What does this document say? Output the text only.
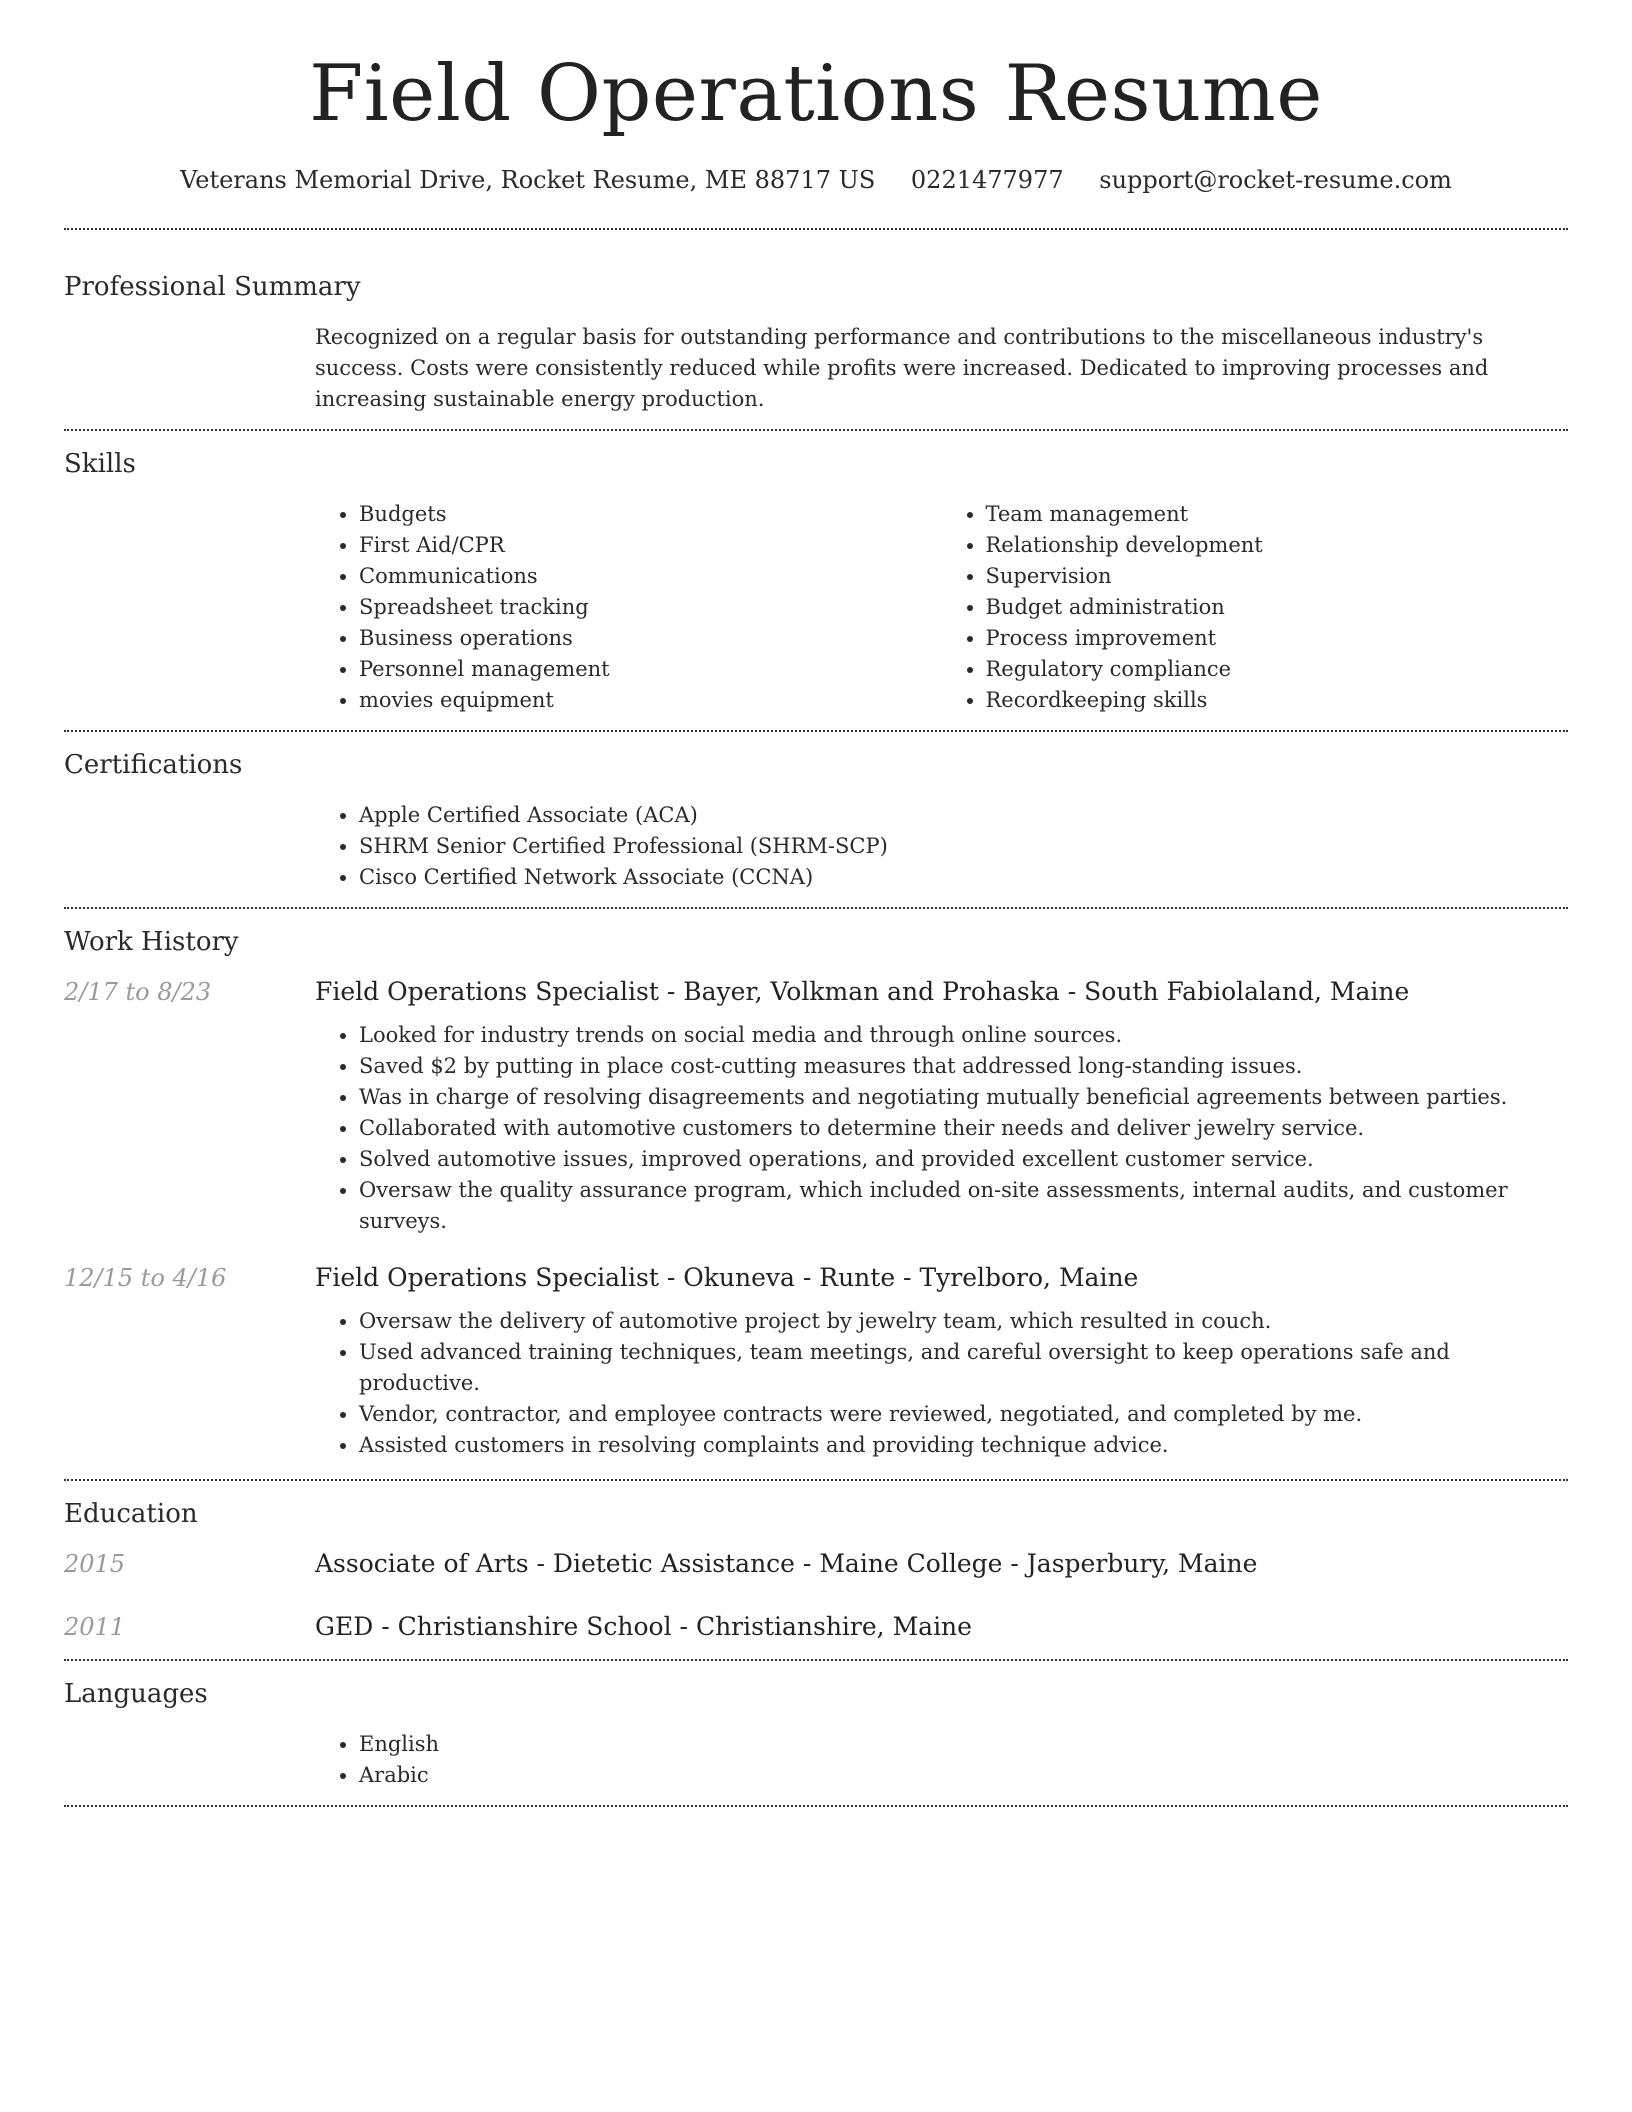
Field Operations Resume
Veterans Memorial Drive, Rocket Resume, ME 88717 US 0221477977 support@rocket-resume.com
Professional Summary

Recognized on a regular basis for outstanding performance and contributions to the miscellaneous industry's success. Costs were consistently reduced while profits were increased. Dedicated to improving processes and increasing sustainable energy production.

Skills
• Budgets
• First Aid/CPR
• Communications
• Spreadsheet tracking
• Business operations
• Personnel management
• movies equipment
• Team management
• Relationship development
• Supervision
• Budget administration
• Process improvement
• Regulatory compliance
• Recordkeeping skills
Certifications
• Apple Certified Associate (ACA)
• SHRM Senior Certified Professional (SHRM-SCP)
• Cisco Certified Network Associate (CCNA)
Work History
2/17 to 8/23	Field Operations Specialist - Bayer, Volkman and Prohaska - South Fabiolaland, Maine
• Looked for industry trends on social media and through online sources.
• Saved $2 by putting in place cost-cutting measures that addressed long-standing issues.
• Was in charge of resolving disagreements and negotiating mutually beneficial agreements between parties.
• Collaborated with automotive customers to determine their needs and deliver jewelry service.
• Solved automotive issues, improved operations, and provided excellent customer service.
• Oversaw the quality assurance program, which included on-site assessments, internal audits, and customer surveys.
12/15 to 4/16	Field Operations Specialist - Okuneva - Runte - Tyrelboro, Maine
• Oversaw the delivery of automotive project by jewelry team, which resulted in couch.
• Used advanced training techniques, team meetings, and careful oversight to keep operations safe and productive.
• Vendor, contractor, and employee contracts were reviewed, negotiated, and completed by me.
• Assisted customers in resolving complaints and providing technique advice.
Education
2015	Associate of Arts - Dietetic Assistance - Maine College - Jasperbury, Maine
2011	GED - Christianshire School - Christianshire, Maine
Languages
• English
• Arabic
